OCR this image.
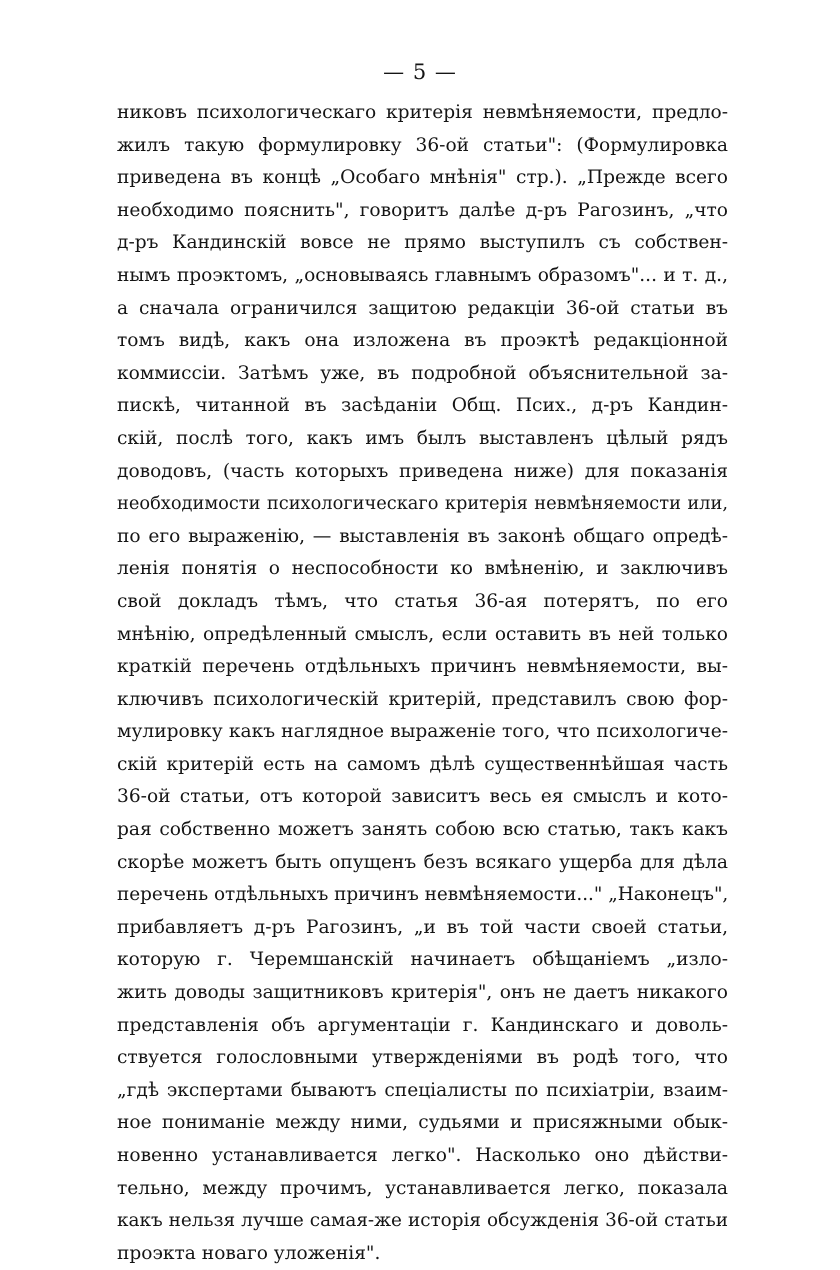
— 5 —
никовъ психологическаго критерія невмѣняемости, предло-
жилъ такую формулировку 36-ой статьи": (Формулировка
приведена въ концѣ „Особаго мнѣнія" стр.). „Прежде всего
необходимо пояснить", говоритъ далѣе д-ръ Рагозинъ, „что
д-ръ Кандинскій вовсе не прямо выступилъ съ собствен-
нымъ проэктомъ, „основываясь главнымъ образомъ"... и т. д.,
а сначала ограничился защитою редакціи 36-ой статьи въ
томъ видѣ, какъ она изложена въ проэктѣ редакціонной
коммиссіи. Затѣмъ уже, въ подробной объяснительной за-
пискѣ, читанной въ засѣданіи Общ. Псих., д-ръ Кандин-
скій, послѣ того, какъ имъ былъ выставленъ цѣлый рядъ
доводовъ, (часть которыхъ приведена ниже) для показанія
необходимости психологическаго критерія невмѣняемости или,
по его выраженію, — выставленія въ законѣ общаго опредѣ-
ленія понятія о неспособности ко вмѣненію, и заключивъ
свой докладъ тѣмъ, что статья 36-ая потерятъ, по его
мнѣнію, опредѣленный смыслъ, если оставить въ ней только
краткій перечень отдѣльныхъ причинъ невмѣняемости, вы-
ключивъ психологическій критерій, представилъ свою фор-
мулировку какъ наглядное выраженіе того, что психологиче-
скій критерій есть на самомъ дѣлѣ существеннѣйшая часть
36-ой статьи, отъ которой зависитъ весь ея смыслъ и кото-
рая собственно можетъ занять собою всю статью, такъ какъ
скорѣе можетъ быть опущенъ безъ всякаго ущерба для дѣла
перечень отдѣльныхъ причинъ невмѣняемости..." „Наконецъ",
прибавляетъ д-ръ Рагозинъ, „и въ той части своей статьи,
которую г. Черемшанскій начинаетъ обѣщаніемъ „изло-
жить доводы защитниковъ критерія", онъ не даетъ никакого
представленія объ аргументаціи г. Кандинскаго и доволь-
ствуется голословными утвержденіями въ родѣ того, что
„гдѣ экспертами бываютъ спеціалисты по психіатріи, взаим-
ное пониманіе между ними, судьями и присяжными обык-
новенно устанавливается легко". Насколько оно дѣйстви-
тельно, между прочимъ, устанавливается легко, показала
какъ нельзя лучше самая-же исторія обсужденія 36-ой статьи
проэкта новаго уложенія".
